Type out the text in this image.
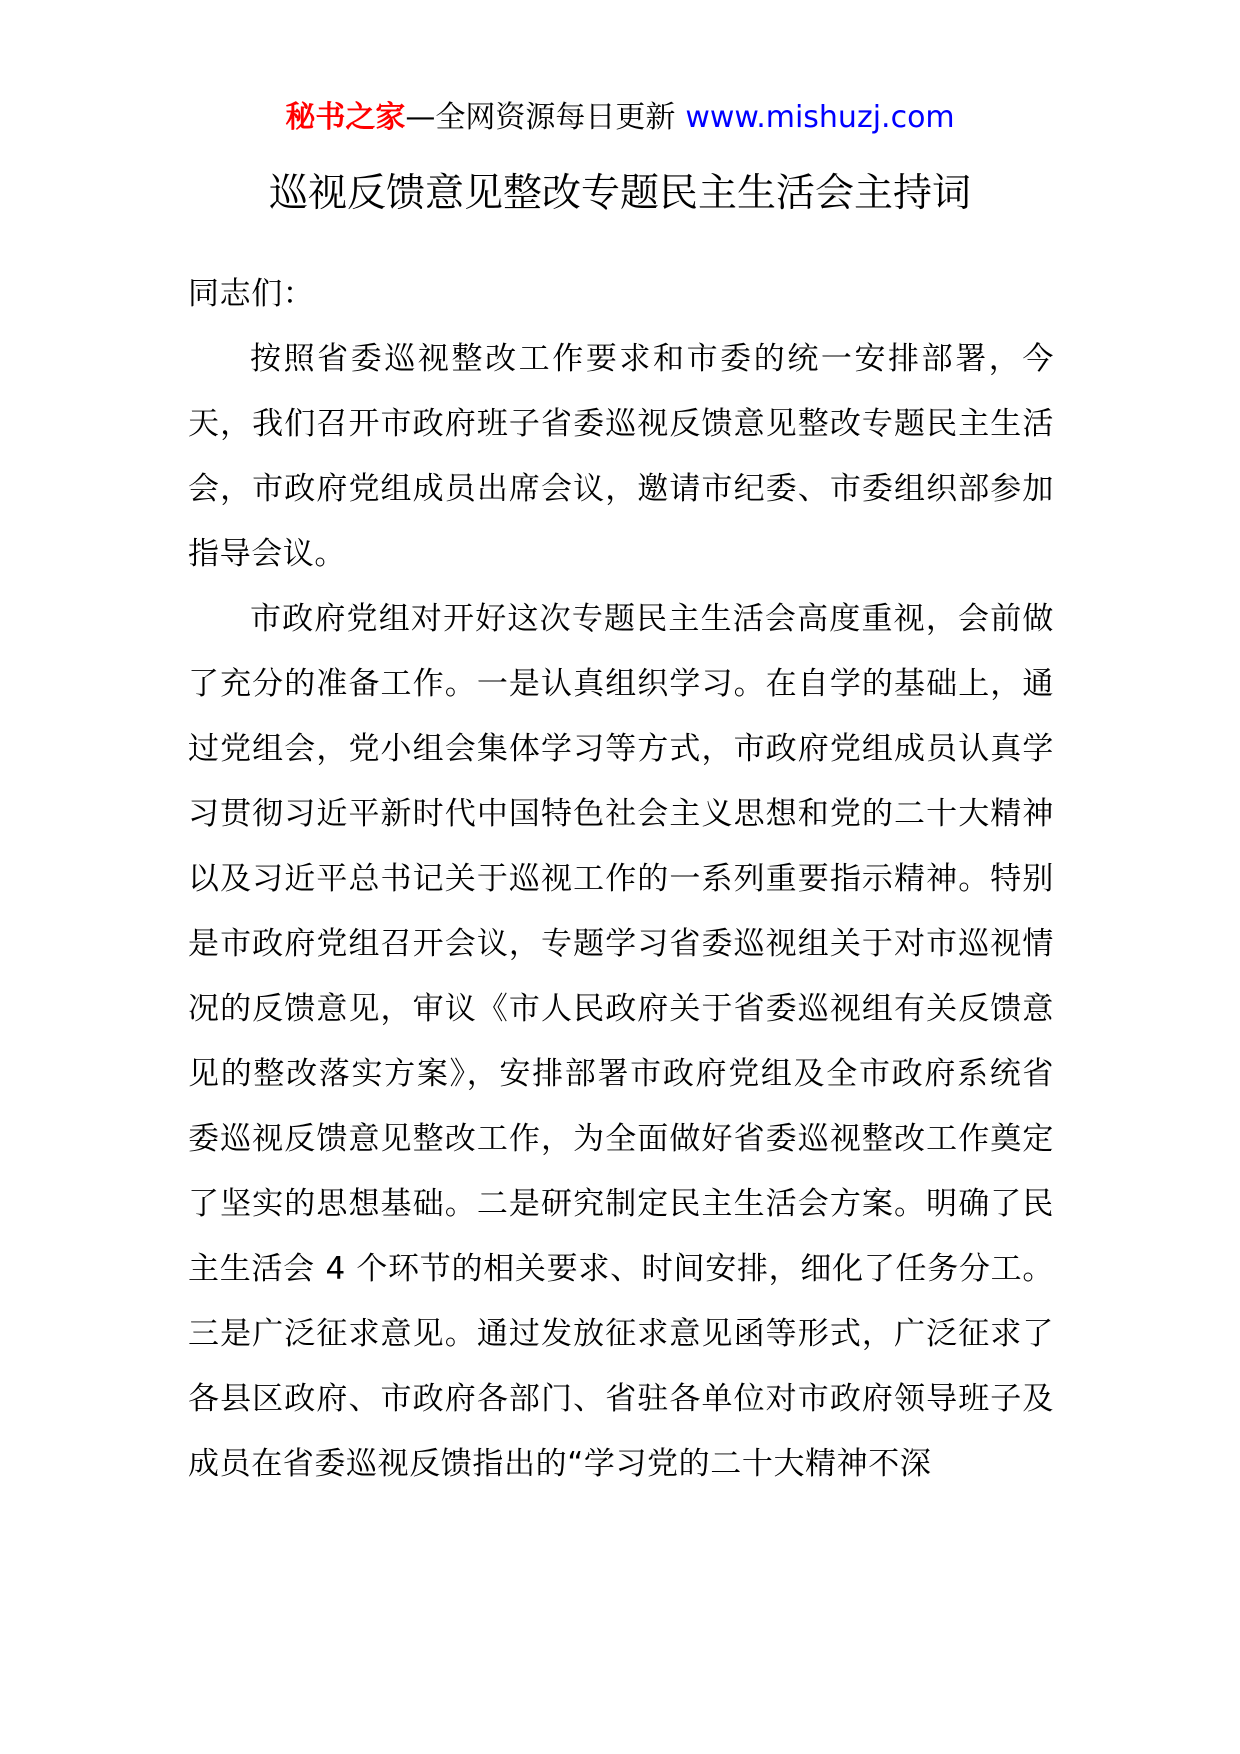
秘书之家—全网资源每日更新 www.mishuzj.com
巡视反馈意见整改专题民主生活会主持词

同志们：

按照省委巡视整改工作要求和市委的统一安排部署，今天，我们召开市政府班子省委巡视反馈意见整改专题民主生活会，市政府党组成员出席会议，邀请市纪委、市委组织部参加指导会议。

市政府党组对开好这次专题民主生活会高度重视，会前做了充分的准备工作。一是认真组织学习。在自学的基础上，通过党组会，党小组会集体学习等方式，市政府党组成员认真学习贯彻习近平新时代中国特色社会主义思想和党的二十大精神以及习近平总书记关于巡视工作的一系列重要指示精神。特别是市政府党组召开会议，专题学习省委巡视组关于对市巡视情况的反馈意见，审议《市人民政府关于省委巡视组有关反馈意见的整改落实方案》，安排部署市政府党组及全市政府系统省委巡视反馈意见整改工作，为全面做好省委巡视整改工作奠定了坚实的思想基础。二是研究制定民主生活会方案。明确了民主生活会 4 个环节的相关要求、时间安排，细化了任务分工。三是广泛征求意见。通过发放征求意见函等形式，广泛征求了各县区政府、市政府各部门、省驻各单位对市政府领导班子及成员在省委巡视反馈指出的“学习党的二十大精神不深
